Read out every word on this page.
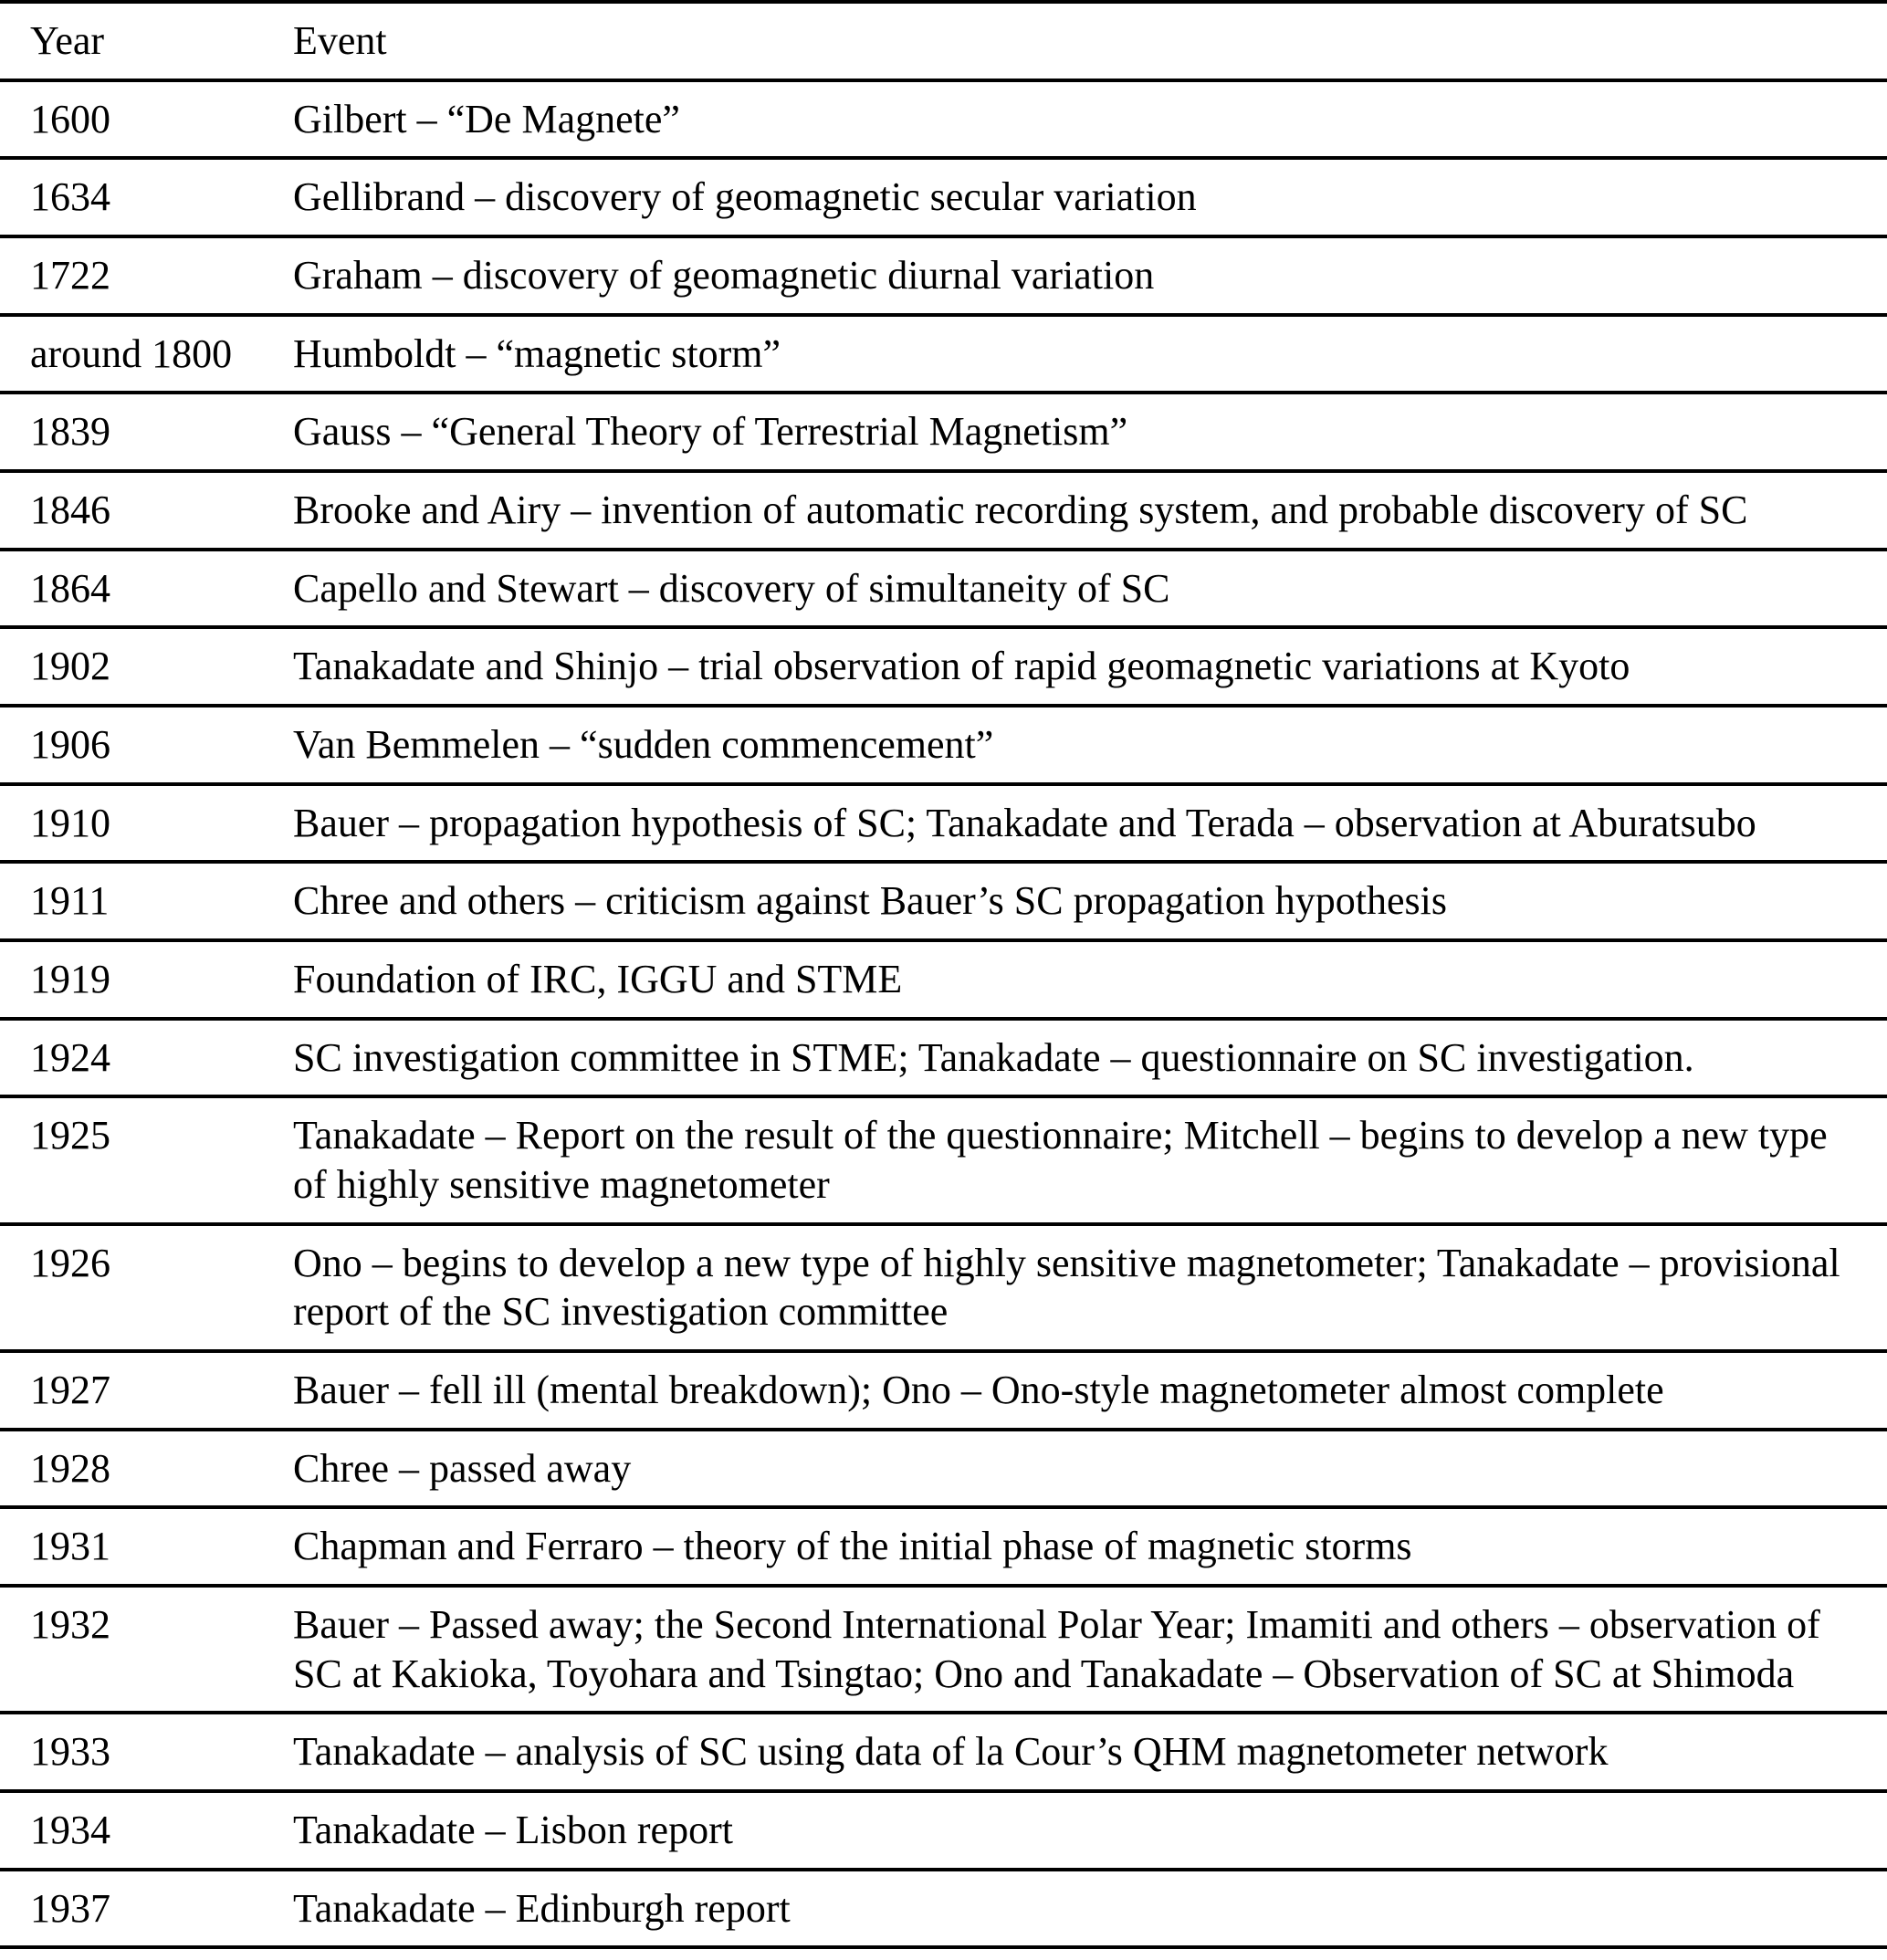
Year	Event
1600	Gilbert – “De Magnete”
1634	Gellibrand – discovery of geomagnetic secular variation
1722	Graham – discovery of geomagnetic diurnal variation
around 1800	Humboldt – “magnetic storm”
1839	Gauss – “General Theory of Terrestrial Magnetism”
1846	Brooke and Airy – invention of automatic recording system, and probable discovery of SC
1864	Capello and Stewart – discovery of simultaneity of SC
1902	Tanakadate and Shinjo – trial observation of rapid geomagnetic variations at Kyoto
1906	Van Bemmelen – “sudden commencement”
1910	Bauer – propagation hypothesis of SC; Tanakadate and Terada – observation at Aburatsubo
1911	Chree and others – criticism against Bauer’s SC propagation hypothesis
1919	Foundation of IRC, IGGU and STME
1924	SC investigation committee in STME; Tanakadate – questionnaire on SC investigation.
1925	Tanakadate – Report on the result of the questionnaire; Mitchell – begins to develop a new type of highly sensitive magnetometer
1926	Ono – begins to develop a new type of highly sensitive magnetometer; Tanakadate – provisional report of the SC investigation committee
1927	Bauer – fell ill (mental breakdown); Ono – Ono-style magnetometer almost complete
1928	Chree – passed away
1931	Chapman and Ferraro – theory of the initial phase of magnetic storms
1932	Bauer – Passed away; the Second International Polar Year; Imamiti and others – observation of SC at Kakioka, Toyohara and Tsingtao; Ono and Tanakadate – Observation of SC at Shimoda
1933	Tanakadate – analysis of SC using data of la Cour’s QHM magnetometer network
1934	Tanakadate – Lisbon report
1937	Tanakadate – Edinburgh report
